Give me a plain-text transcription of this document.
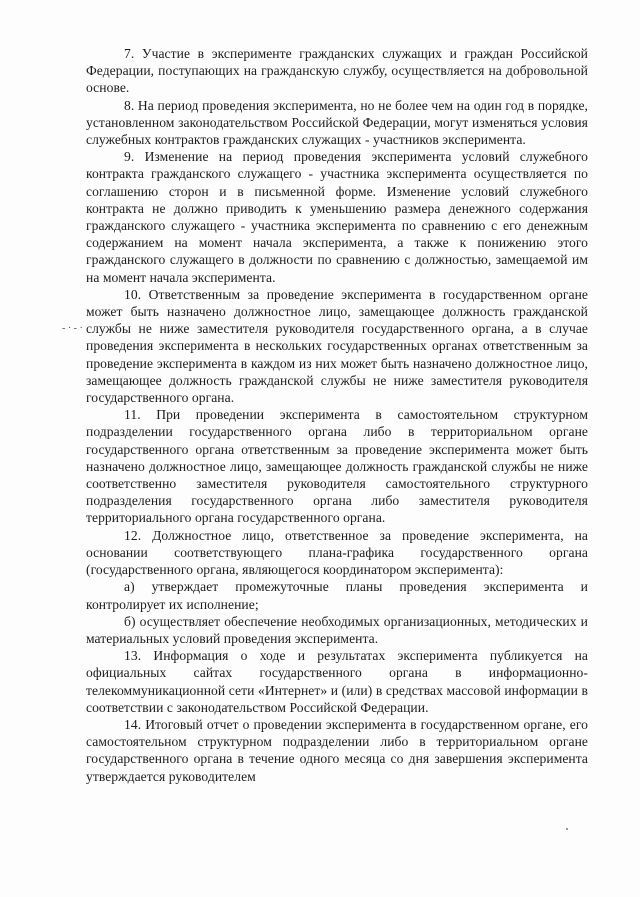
- · - ·

7. Участие в эксперименте гражданских служащих и граждан Российской Федерации, поступающих на гражданскую службу, осуществляется на добровольной основе.

8. На период проведения эксперимента, но не более чем на один год в порядке, установленном законодательством Российской Федерации, могут изменяться условия служебных контрактов гражданских служащих - участников эксперимента.

9. Изменение на период проведения эксперимента условий служебного контракта гражданского служащего - участника эксперимента осуществляется по соглашению сторон и в письменной форме. Изменение условий служебного контракта не должно приводить к уменьшению размера денежного содержания гражданского служащего - участника эксперимента по сравнению с его денежным содержанием на момент начала эксперимента, а также к понижению этого гражданского служащего в должности по сравнению с должностью, замещаемой им на момент начала эксперимента.

10. Ответственным за проведение эксперимента в государственном органе может быть назначено должностное лицо, замещающее должность гражданской службы не ниже заместителя руководителя государственного органа, а в случае проведения эксперимента в нескольких государственных органах ответственным за проведение эксперимента в каждом из них может быть назначено должностное лицо, замещающее должность гражданской службы не ниже заместителя руководителя государственного органа.

11. При проведении эксперимента в самостоятельном структурном подразделении государственного органа либо в территориальном органе государственного органа ответственным за проведение эксперимента может быть назначено должностное лицо, замещающее должность гражданской службы не ниже соответственно заместителя руководителя самостоятельного структурного подразделения государственного органа либо заместителя руководителя территориального органа государственного органа.

12. Должностное лицо, ответственное за проведение эксперимента, на основании соответствующего плана-графика государственного органа (государственного органа, являющегося координатором эксперимента):

а) утверждает промежуточные планы проведения эксперимента и контролирует их исполнение;

б) осуществляет обеспечение необходимых организационных, методических и материальных условий проведения эксперимента.

13. Информация о ходе и результатах эксперимента публикуется на официальных сайтах государственного органа в информационно-телекоммуникационной сети «Интернет» и (или) в средствах массовой информации в соответствии с законодательством Российской Федерации.

14. Итоговый отчет о проведении эксперимента в государственном органе, его самостоятельном структурном подразделении либо в территориальном органе государственного органа в течение одного месяца со дня завершения эксперимента утверждается руководителем
